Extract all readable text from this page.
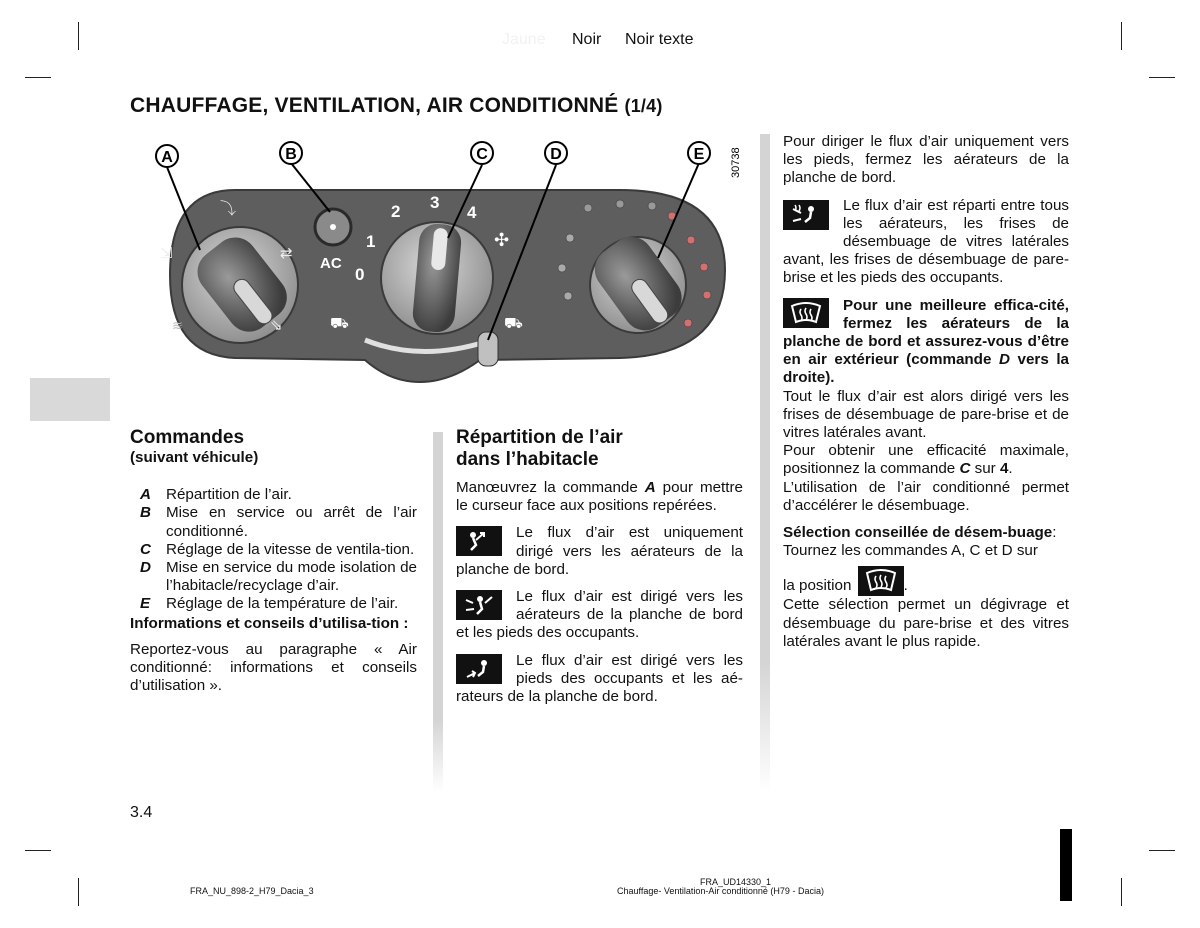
Jaune Noir Noir texte
CHAUFFAGE, VENTILATION, AIR CONDITIONNÉ (1/4)
⤵
⇲	⇄
⇘
≋
AC
0
1
2 3
4
✣
⛟	⛟
A	B	C	D	E 30738
Commandes
(suivant véhicule)
A Répartition de l’air.
B Mise en service ou arrêt de l’air conditionné.
C Réglage de la vitesse de ventila-tion.
D Mise en service du mode isolation de l’habitacle/recyclage d’air.
E	Réglage de la température de l’air.
Informations et conseils d’utilisa-tion :
Reportez-vous au paragraphe « Air conditionné: informations et conseils d’utilisation ».
Répartition de l’air
dans l’habitacle

Manœuvrez la commande A pour mettre le curseur face aux positions repérées.

Le flux d’air est uniquement dirigé vers les aérateurs de la planche de bord.
Le flux d’air est dirigé vers les aérateurs de la planche de bord et les pieds des occupants.
Le flux d’air est dirigé vers les pieds des occupants et les aé-rateurs de la planche de bord.

Pour diriger le flux d’air uniquement vers les pieds, fermez les aérateurs de la planche de bord.

Le flux d’air est réparti entre tous les aérateurs, les frises de désembuage de vitres latérales avant, les frises de désembuage de pare-brise et les pieds des occupants.
Pour une meilleure effica-cité, fermez les aérateurs de la planche de bord et assurez-vous d’être en air extérieur (commande D vers la droite).

Tout le flux d’air est alors dirigé vers les frises de désembuage de pare-brise et de vitres latérales avant.

Pour obtenir une efficacité maximale, positionnez la commande C sur 4.

L’utilisation de l’air conditionné permet d’accélérer le désembuage.

Sélection conseillée de désem-buage:

Tournez les commandes A, C et D sur

la position	.

Cette sélection permet un dégivrage et désembuage du pare-brise et des vitres latérales avant le plus rapide.

3.4
FRA_NU_898-2_H79_Dacia_3
FRA_UD14330_1
Chauffage- Ventilation-Air conditionné (H79 - Dacia)
